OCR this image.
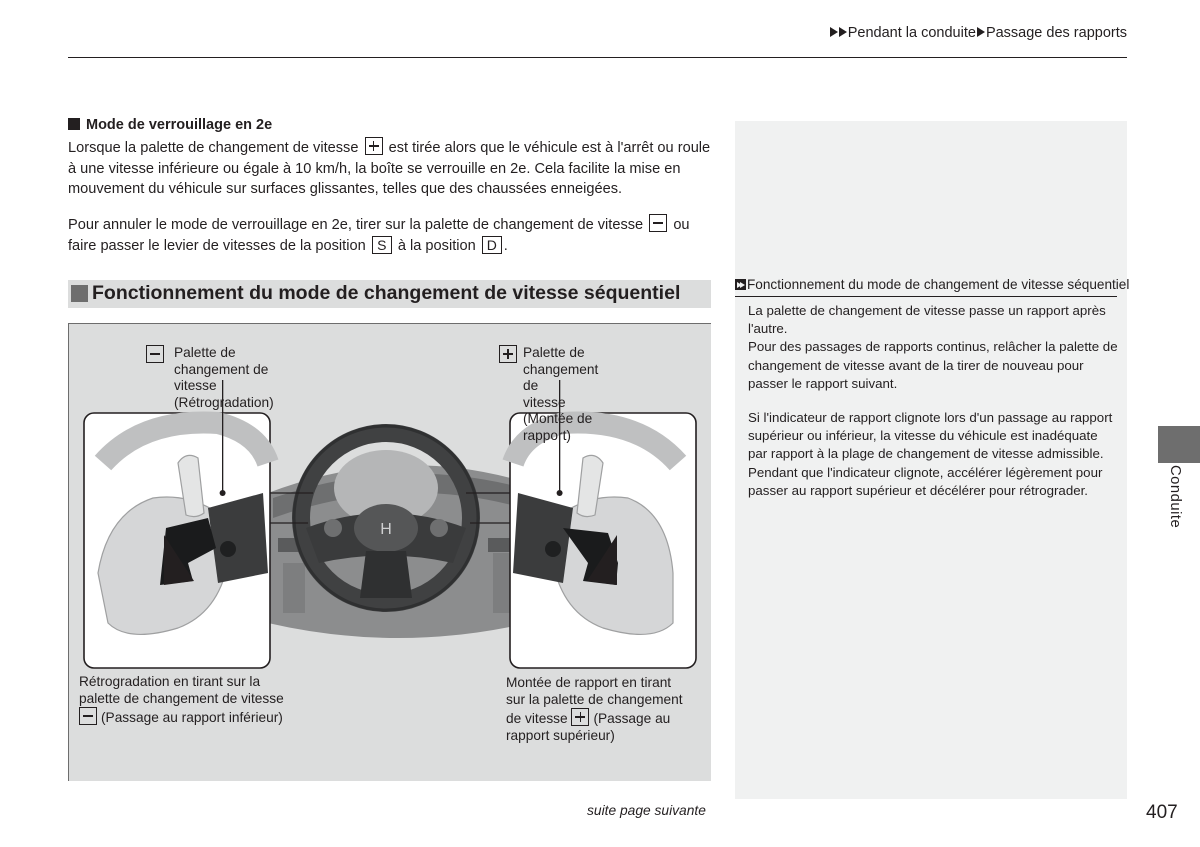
Pendant la conduite Passage des rapports
Mode de verrouillage en 2e
Lorsque la palette de changement de vitesse est tirée alors que le véhicule est à l'arrêt ou roule à une vitesse inférieure ou égale à 10 km/h, la boîte se verrouille en 2e. Cela facilite la mise en mouvement du véhicule sur surfaces glissantes, telles que des chaussées enneigées.
Pour annuler le mode de verrouillage en 2e, tirer sur la palette de changement de vitesse ou faire passer le levier de vitesses de la position S à la position D .
Fonctionnement du mode de changement de vitesse séquentiel
H
Palette de changement de
vitesse (Rétrogradation)
Palette de changement de
vitesse (Montée de rapport)
Rétrogradation en tirant sur la
palette de changement de vitesse
(Passage au rapport inférieur)
Montée de rapport en tirant
sur la palette de changement
de vitesse (Passage au
rapport supérieur)
Fonctionnement du mode de changement de vitesse séquentiel
La palette de changement de vitesse passe un rapport après l'autre.
Pour des passages de rapports continus, relâcher la palette de changement de vitesse avant de la tirer de nouveau pour passer le rapport suivant.
Si l'indicateur de rapport clignote lors d'un passage au rapport supérieur ou inférieur, la vitesse du véhicule est inadéquate par rapport à la plage de changement de vitesse admissible.
Pendant que l'indicateur clignote, accélérer légèrement pour passer au rapport supérieur et décélérer pour rétrograder.	Conduite
suite page suivante	407
